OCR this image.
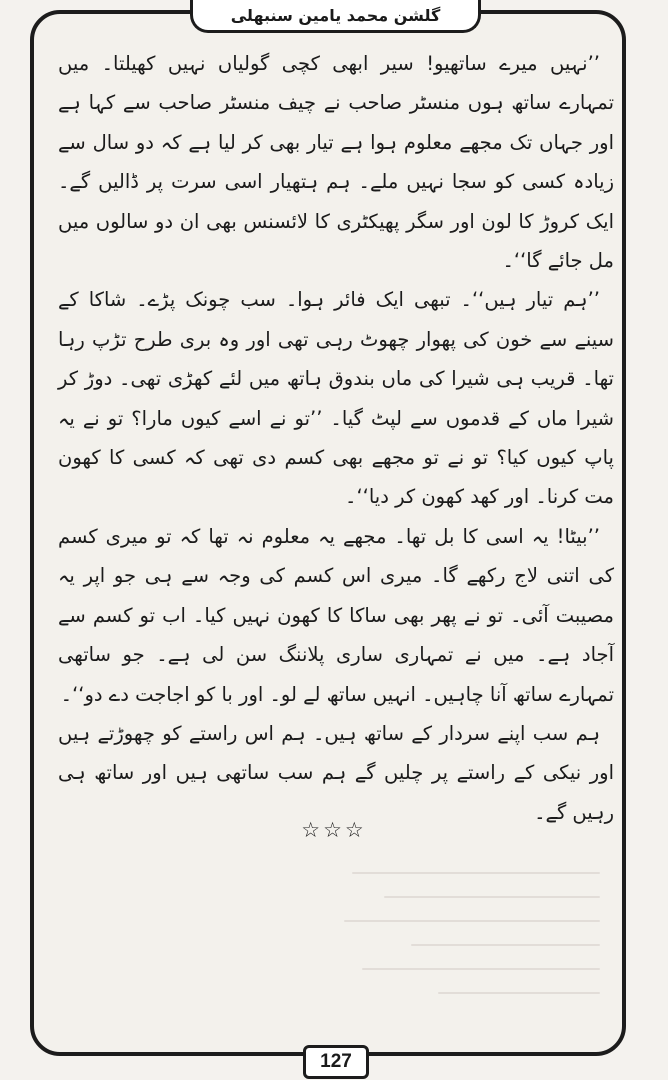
گلشن محمد یامین سنبھلی

’’نہیں میرے ساتھیو! سیر ابھی کچی گولیاں نہیں کھیلتا۔ میں تمہارے ساتھ ہوں منسٹر صاحب نے چیف منسٹر صاحب سے کہا ہے اور جہاں تک مجھے معلوم ہوا ہے تیار بھی کر لیا ہے کہ دو سال سے زیادہ کسی کو سجا نہیں ملے۔ ہم ہتھیار اسی سرت پر ڈالیں گے۔ ایک کروڑ کا لون اور سگر پھیکٹری کا لائسنس بھی ان دو سالوں میں مل جائے گا‘‘۔

’’ہم تیار ہیں‘‘۔ تبھی ایک فائر ہوا۔ سب چونک پڑے۔ شاکا کے سینے سے خون کی پھوار چھوٹ رہی تھی اور وہ بری طرح تڑپ رہا تھا۔ قریب ہی شیرا کی ماں بندوق ہاتھ میں لئے کھڑی تھی۔ دوڑ کر شیرا ماں کے قدموں سے لپٹ گیا۔ ’’تو نے اسے کیوں مارا؟ تو نے یہ پاپ کیوں کیا؟ تو نے تو مجھے بھی کسم دی تھی کہ کسی کا کھون مت کرنا۔ اور کھد کھون کر دیا‘‘۔

’’بیٹا! یہ اسی کا بل تھا۔ مجھے یہ معلوم نہ تھا کہ تو میری کسم کی اتنی لاج رکھے گا۔ میری اس کسم کی وجہ سے ہی جو اپر یہ مصیبت آئی۔ تو نے پھر بھی ساکا کا کھون نہیں کیا۔ اب تو کسم سے آجاد ہے۔ میں نے تمہاری ساری پلاننگ سن لی ہے۔ جو ساتھی تمہارے ساتھ آنا چاہیں۔ انہیں ساتھ لے لو۔ اور با کو اجاجت دے دو‘‘۔

ہم سب اپنے سردار کے ساتھ ہیں۔ ہم اس راستے کو چھوڑتے ہیں اور نیکی کے راستے پر چلیں گے ہم سب ساتھی ہیں اور ساتھ ہی رہیں گے۔

☆☆☆
127
